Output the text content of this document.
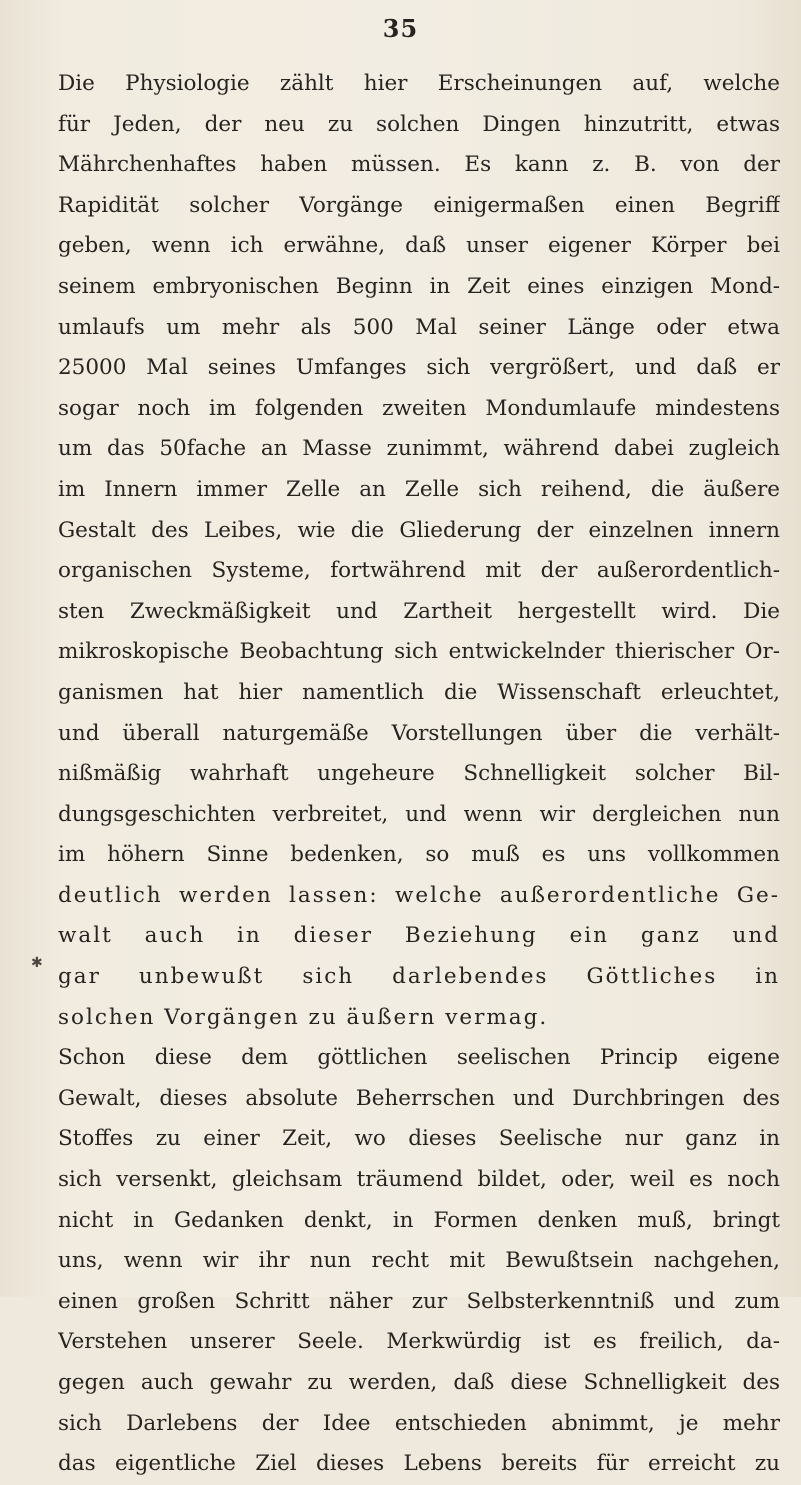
35
Die Physiologie zählt hier Erscheinungen auf, welche
für Jeden, der neu zu solchen Dingen hinzutritt, etwas
Mährchenhaftes haben müssen. Es kann z. B. von der
Rapidität solcher Vorgänge einigermaßen einen Begriff
geben, wenn ich erwähne, daß unser eigener Körper bei
seinem embryonischen Beginn in Zeit eines einzigen Mond-
umlaufs um mehr als 500 Mal seiner Länge oder etwa
25000 Mal seines Umfanges sich vergrößert, und daß er
sogar noch im folgenden zweiten Mondumlaufe mindestens
um das 50fache an Masse zunimmt, während dabei zugleich
im Innern immer Zelle an Zelle sich reihend, die äußere
Gestalt des Leibes, wie die Gliederung der einzelnen innern
organischen Systeme, fortwährend mit der außerordentlich-
sten Zweckmäßigkeit und Zartheit hergestellt wird. Die
mikroskopische Beobachtung sich entwickelnder thierischer Or-
ganismen hat hier namentlich die Wissenschaft erleuchtet,
und überall naturgemäße Vorstellungen über die verhält-
nißmäßig wahrhaft ungeheure Schnelligkeit solcher Bil-
dungsgeschichten verbreitet, und wenn wir dergleichen nun
im höhern Sinne bedenken, so muß es uns vollkommen
deutlich werden lassen: welche außerordentliche Ge-
walt auch in dieser Beziehung ein ganz und
gar unbewußt sich darlebendes Göttliches in
solchen Vorgängen zu äußern vermag.
Schon diese dem göttlichen seelischen Princip eigene
Gewalt, dieses absolute Beherrschen und Durchbringen des
Stoffes zu einer Zeit, wo dieses Seelische nur ganz in
sich versenkt, gleichsam träumend bildet, oder, weil es noch
nicht in Gedanken denkt, in Formen denken muß, bringt
uns, wenn wir ihr nun recht mit Bewußtsein nachgehen,
einen großen Schritt näher zur Selbsterkenntniß und zum
Verstehen unserer Seele. Merkwürdig ist es freilich, da-
gegen auch gewahr zu werden, daß diese Schnelligkeit des
sich Darlebens der Idee entschieden abnimmt, je mehr
das eigentliche Ziel dieses Lebens bereits für erreicht zu
✱
